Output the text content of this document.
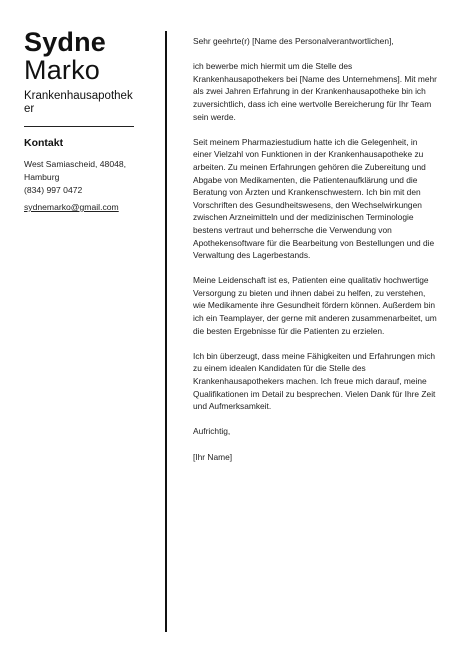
Sydne
Marko
Krankenhausapotheker
Kontakt
West Samiascheid, 48048,
Hamburg
(834) 997 0472
sydnemarko@gmail.com

Sehr geehrte(r) [Name des Personalverantwortlichen],

ich bewerbe mich hiermit um die Stelle des Krankenhausapothekers bei [Name des Unternehmens]. Mit mehr als zwei Jahren Erfahrung in der Krankenhausapotheke bin ich zuversichtlich, dass ich eine wertvolle Bereicherung für Ihr Team sein werde.

Seit meinem Pharmaziestudium hatte ich die Gelegenheit, in einer Vielzahl von Funktionen in der Krankenhausapotheke zu arbeiten. Zu meinen Erfahrungen gehören die Zubereitung und Abgabe von Medikamenten, die Patientenaufklärung und die Beratung von Ärzten und Krankenschwestern. Ich bin mit den Vorschriften des Gesundheitswesens, den Wechselwirkungen zwischen Arzneimitteln und der medizinischen Terminologie bestens vertraut und beherrsche die Verwendung von Apothekensoftware für die Bearbeitung von Bestellungen und die Verwaltung des Lagerbestands.

Meine Leidenschaft ist es, Patienten eine qualitativ hochwertige Versorgung zu bieten und ihnen dabei zu helfen, zu verstehen, wie Medikamente ihre Gesundheit fördern können. Außerdem bin ich ein Teamplayer, der gerne mit anderen zusammenarbeitet, um die besten Ergebnisse für die Patienten zu erzielen.

Ich bin überzeugt, dass meine Fähigkeiten und Erfahrungen mich zu einem idealen Kandidaten für die Stelle des Krankenhausapothekers machen. Ich freue mich darauf, meine Qualifikationen im Detail zu besprechen. Vielen Dank für Ihre Zeit und Aufmerksamkeit.

Aufrichtig,

[Ihr Name]
